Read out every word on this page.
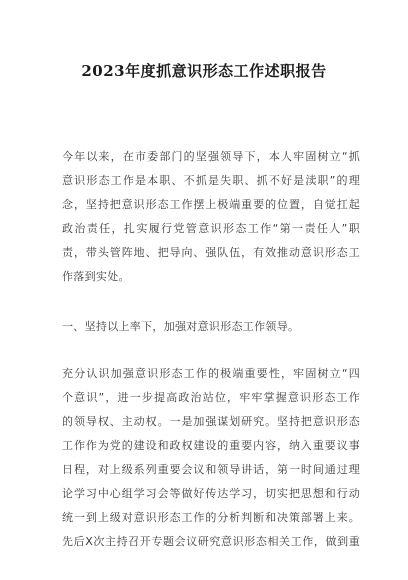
2023年度抓意识形态工作述职报告
今年以来，在市委部门的坚强领导下，本人牢固树立“抓
意识形态工作是本职、不抓是失职、抓不好是渎职”的理
念，坚持把意识形态工作摆上极端重要的位置，自觉扛起
政治责任，扎实履行党管意识形态工作“第一责任人”职
责，带头管阵地、把导向、强队伍，有效推动意识形态工
作落到实处。
一、坚持以上率下，加强对意识形态工作领导。
充分认识加强意识形态工作的极端重要性，牢固树立“四
个意识”，进一步提高政治站位，牢牢掌握意识形态工作
的领导权、主动权。一是加强谋划研究。坚持把意识形态
工作作为党的建设和政权建设的重要内容，纳入重要议事
日程，对上级系列重要会议和领导讲话，第一时间通过理
论学习中心组学习会等做好传达学习，切实把思想和行动
统一到上级对意识形态工作的分析判断和决策部署上来。
先后X次主持召开专题会议研究意识形态相关工作，做到重
